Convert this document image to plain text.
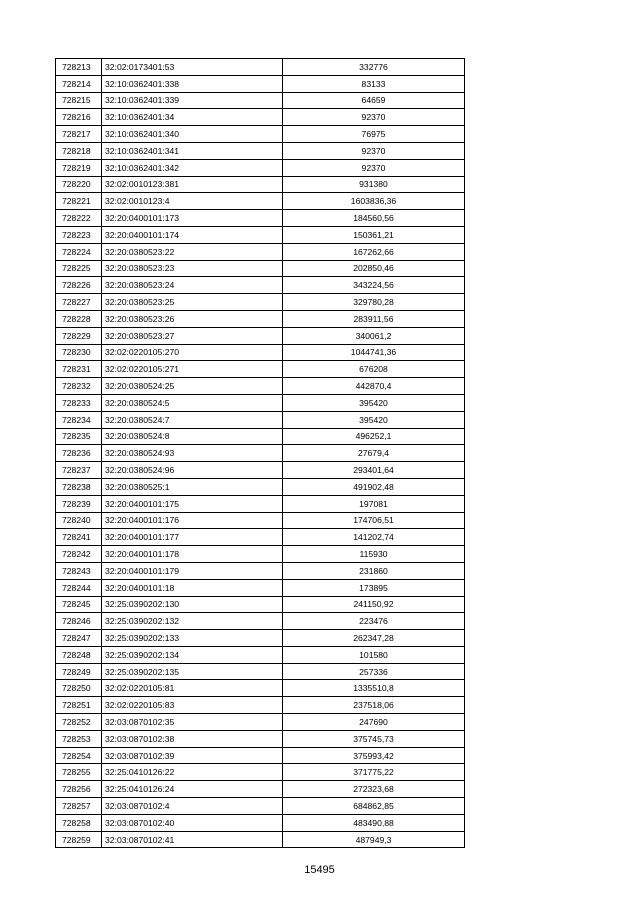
728213	32:02:0173401:53	332776
728214	32:10:0362401:338	83133
728215	32:10:0362401:339	64659
728216	32:10:0362401:34	92370
728217	32:10:0362401:340	76975
728218	32:10:0362401:341	92370
728219	32:10:0362401:342	92370
728220	32:02:0010123:381	931380
728221	32:02:0010123:4	1603836,36
728222	32:20:0400101:173	184560,56
728223	32:20:0400101:174	150361,21
728224	32:20:0380523:22	167262,66
728225	32:20:0380523:23	202850,46
728226	32:20:0380523:24	343224,56
728227	32:20:0380523:25	329780,28
728228	32:20:0380523:26	283911,56
728229	32:20:0380523:27	340061,2
728230	32:02:0220105:270	1044741,36
728231	32:02:0220105:271	676208
728232	32:20:0380524:25	442870,4
728233	32:20:0380524:5	395420
728234	32:20:0380524:7	395420
728235	32:20:0380524:8	496252,1
728236	32:20:0380524:93	27679,4
728237	32:20:0380524:96	293401,64
728238	32:20:0380525:1	491902,48
728239	32:20:0400101:175	197081
728240	32:20:0400101:176	174706,51
728241	32:20:0400101:177	141202,74
728242	32:20:0400101:178	115930
728243	32:20:0400101:179	231860
728244	32:20:0400101:18	173895
728245	32:25:0390202:130	241150,92
728246	32:25:0390202:132	223476
728247	32:25:0390202:133	262347,28
728248	32:25:0390202:134	101580
728249	32:25:0390202:135	257336
728250	32:02:0220105:81	1335510,8
728251	32:02:0220105:83	237518,06
728252	32:03:0870102:35	247690
728253	32:03:0870102:38	375745,73
728254	32:03:0870102:39	375993,42
728255	32:25:0410126:22	371775,22
728256	32:25:0410126:24	272323,68
728257	32:03:0870102:4	684862,85
728258	32:03:0870102:40	483490,88
728259	32:03:0870102:41	487949,3
15495
